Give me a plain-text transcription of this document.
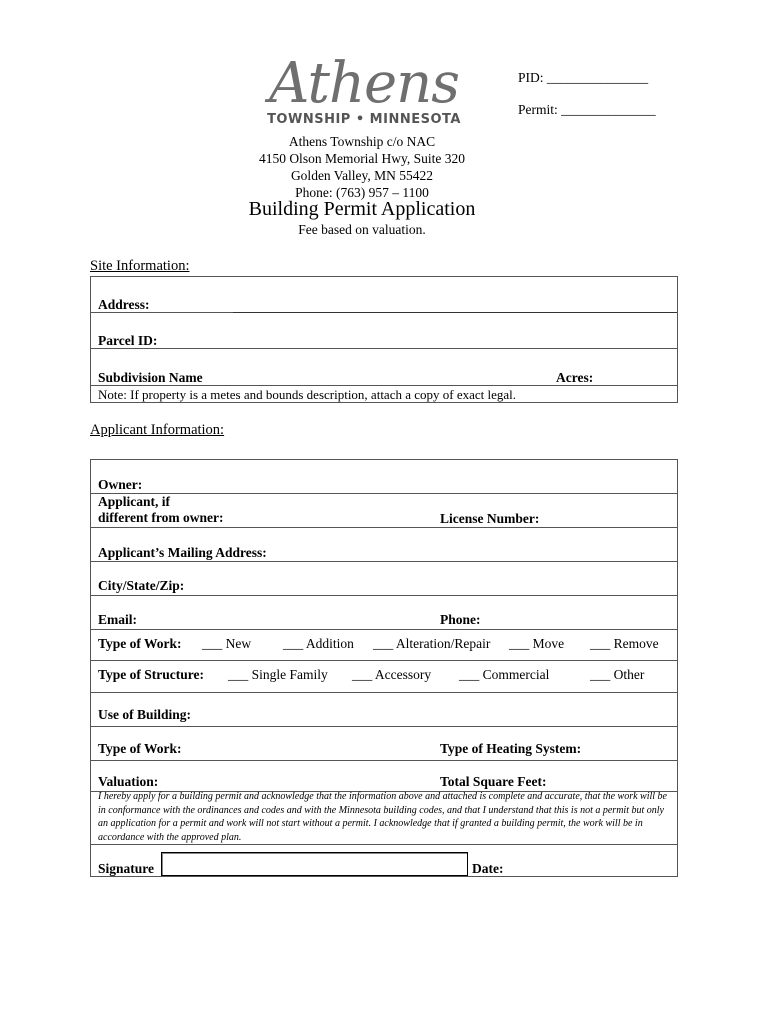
Athens
TOWNSHIP • MINNESOTA
PID: _______________
Permit: ______________
Athens Township c/o NAC
4150 Olson Memorial Hwy, Suite 320
Golden Valley, MN 55422
Phone: (763) 957 – 1100
Building Permit Application
Fee based on valuation.
Site Information:
Address:
Parcel ID:
Subdivision Name	Acres:
Note: If property is a metes and bounds description, attach a copy of exact legal.
Applicant Information:
Owner:
Applicant, if
different from owner:	License Number:
Applicant’s Mailing Address:
City/State/Zip:
Email:	Phone:
Type of Work: ___ New ___ Addition ___ Alteration/Repair ___ Move ___ Remove
Type of Structure: ___ Single Family ___ Accessory ___ Commercial	___ Other
Use of Building:
Type of Work:	Type of Heating System:
Valuation:	Total Square Feet:
I hereby apply for a building permit and acknowledge that the information above and attached is complete and accurate, that the work will be in conformance with the ordinances and codes and with the Minnesota building codes, and that I understand that this is not a permit but only an application for a permit and work will not start without a permit. I acknowledge that if granted a building permit, the work will be in accordance with the approved plan.
Signature	Date:
